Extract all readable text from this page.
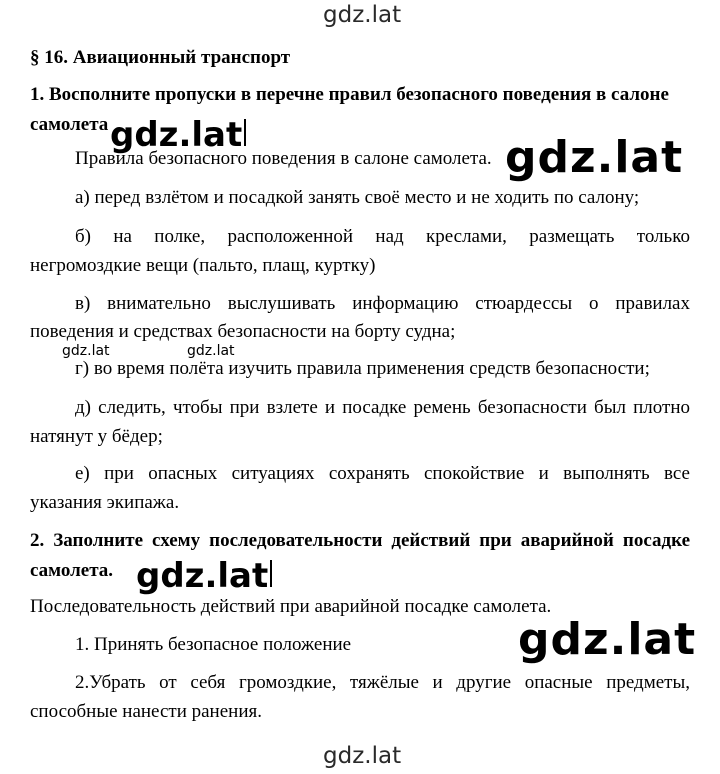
gdz.lat
§ 16. Авиационный транспорт
1. Восполните пропуски в перечне правил безопасного поведения в салоне
самолета gdz.lat
Правила безопасного поведения в салоне самолета. gdz.lat
а) перед взлётом и посадкой занять своё место и не ходить по салону;
б) на полке, расположенной над креслами, размещать только
негромоздкие вещи (пальто, плащ, куртку)
в) внимательно выслушивать информацию стюардессы о правилах
поведения и средствах безопасности на борту судна;
gdz.lat	gdz.lat
г) во время полёта изучить правила применения средств безопасности;
д) следить, чтобы при взлете и посадке ремень безопасности был плотно
натянут у бёдер;
е) при опасных ситуациях сохранять спокойствие и выполнять все
указания экипажа.
2. Заполните схему последовательности действий при аварийной посадке
самолета. gdz.lat
Последовательность действий при аварийной посадке самолета.
1. Принять безопасное положение	gdz.lat
2.Убрать от себя громоздкие, тяжёлые и другие опасные предметы,
способные нанести ранения.
gdz.lat
